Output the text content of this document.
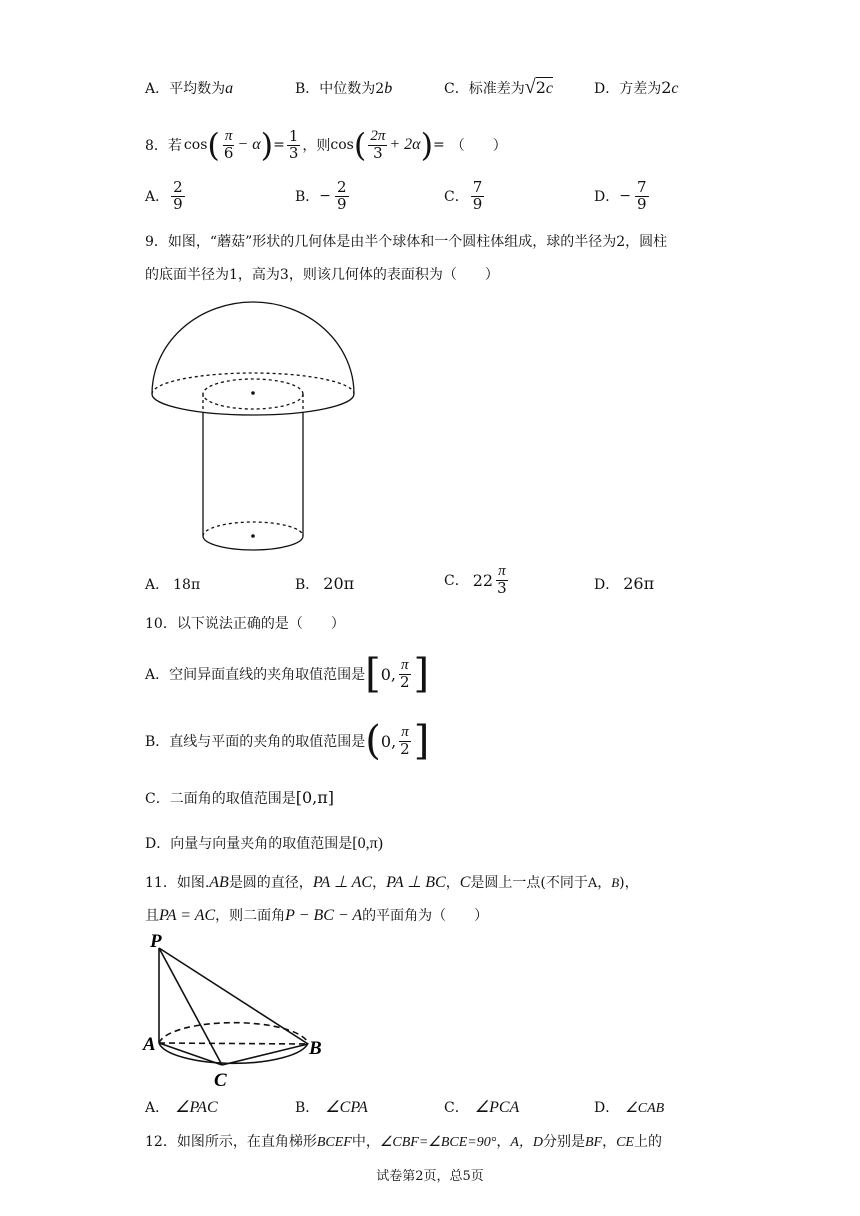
A．平均数为a	B．中位数为2b	C．标准差为√2c	D．方差为2c
8．若 cos ( $\frac{\pi}{6} - \alpha$ ) = $\frac{1}{3}$ ，则 cos ( $\frac{2\pi}{3} + 2\alpha$ ) = （　　）
A． $\frac{2}{9}$	B． − $\frac{2}{9}$	C． $\frac{7}{9}$	D． − $\frac{7}{9}$
9．如图，“蘑菇”形状的几何体是由半个球体和一个圆柱体组成，球的半径为2，圆柱
的底面半径为1，高为3，则该几何体的表面积为（　　）
A． 18π	B． 20π	C． $22 \frac{\pi}{3}$	D． 26π
10．以下说法正确的是（　　）
A．空间异面直线的夹角取值范围是 [ 0, $\frac{\pi}{2}$ ]
B．直线与平面的夹角的取值范围是 ( 0, $\frac{\pi}{2}$ ]
C．二面角的取值范围是[0,π]
D．向量与向量夹角的取值范围是[0,π)
11．如图.AB是圆的直径，PA ⊥ AC，PA ⊥ BC，C是圆上一点(不同于A，B)，
且PA = AC，则二面角P − BC − A的平面角为（　　）
P
A	B
C
A． ∠PAC	B． ∠CPA	C． ∠PCA	D． ∠CAB
12．如图所示，在直角梯形BCEF中，∠CBF=∠BCE=90°，A，D分别是BF，CE上的
试卷第2页，总5页
